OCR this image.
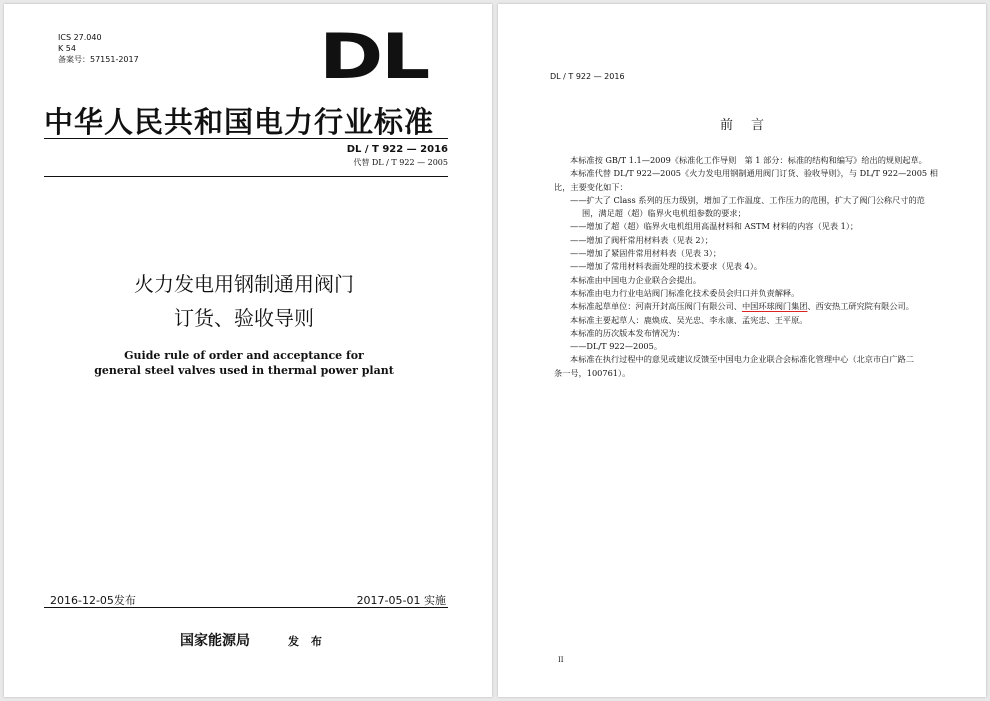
ICS 27.040
K 54
备案号：57151-2017	DL
中华人民共和国电力行业标准
DL / T 922 — 2016
代替 DL / T 922 — 2005
火力发电用钢制通用阀门
订货、验收导则
Guide rule of order and acceptance for
general steel valves used in thermal power plant
2016-12-05发布	2017-05-01 实施
国家能源局	发 布
DL / T 922 — 2016
前言
本标准按 GB/T 1.1—2009《标准化工作导则　第 1 部分：标准的结构和编写》给出的规则起草。
本标准代替 DL/T 922—2005《火力发电用钢制通用阀门订货、验收导则》，与 DL/T 922—2005 相
比，主要变化如下：
——扩大了 Class 系列的压力级别，增加了工作温度、工作压力的范围，扩大了阀门公称尺寸的范
围，满足超（超）临界火电机组参数的要求；
——增加了超（超）临界火电机组用高温材料和 ASTM 材料的内容（见表 1）；
——增加了阀杆常用材料表（见表 2）；
——增加了紧固件常用材料表（见表 3）；
——增加了常用材料表面处理的技术要求（见表 4）。
本标准由中国电力企业联合会提出。
本标准由电力行业电站阀门标准化技术委员会归口并负责解释。
本标准起草单位：河南开封高压阀门有限公司、中国环球阀门集团、西安热工研究院有限公司。
本标准主要起草人：鹿焕成、吴光忠、李永康、孟宪忠、王平原。
本标准的历次版本发布情况为：
——DL/T 922—2005。
本标准在执行过程中的意见或建议反馈至中国电力企业联合会标准化管理中心（北京市白广路二
条一号，100761）。
II
